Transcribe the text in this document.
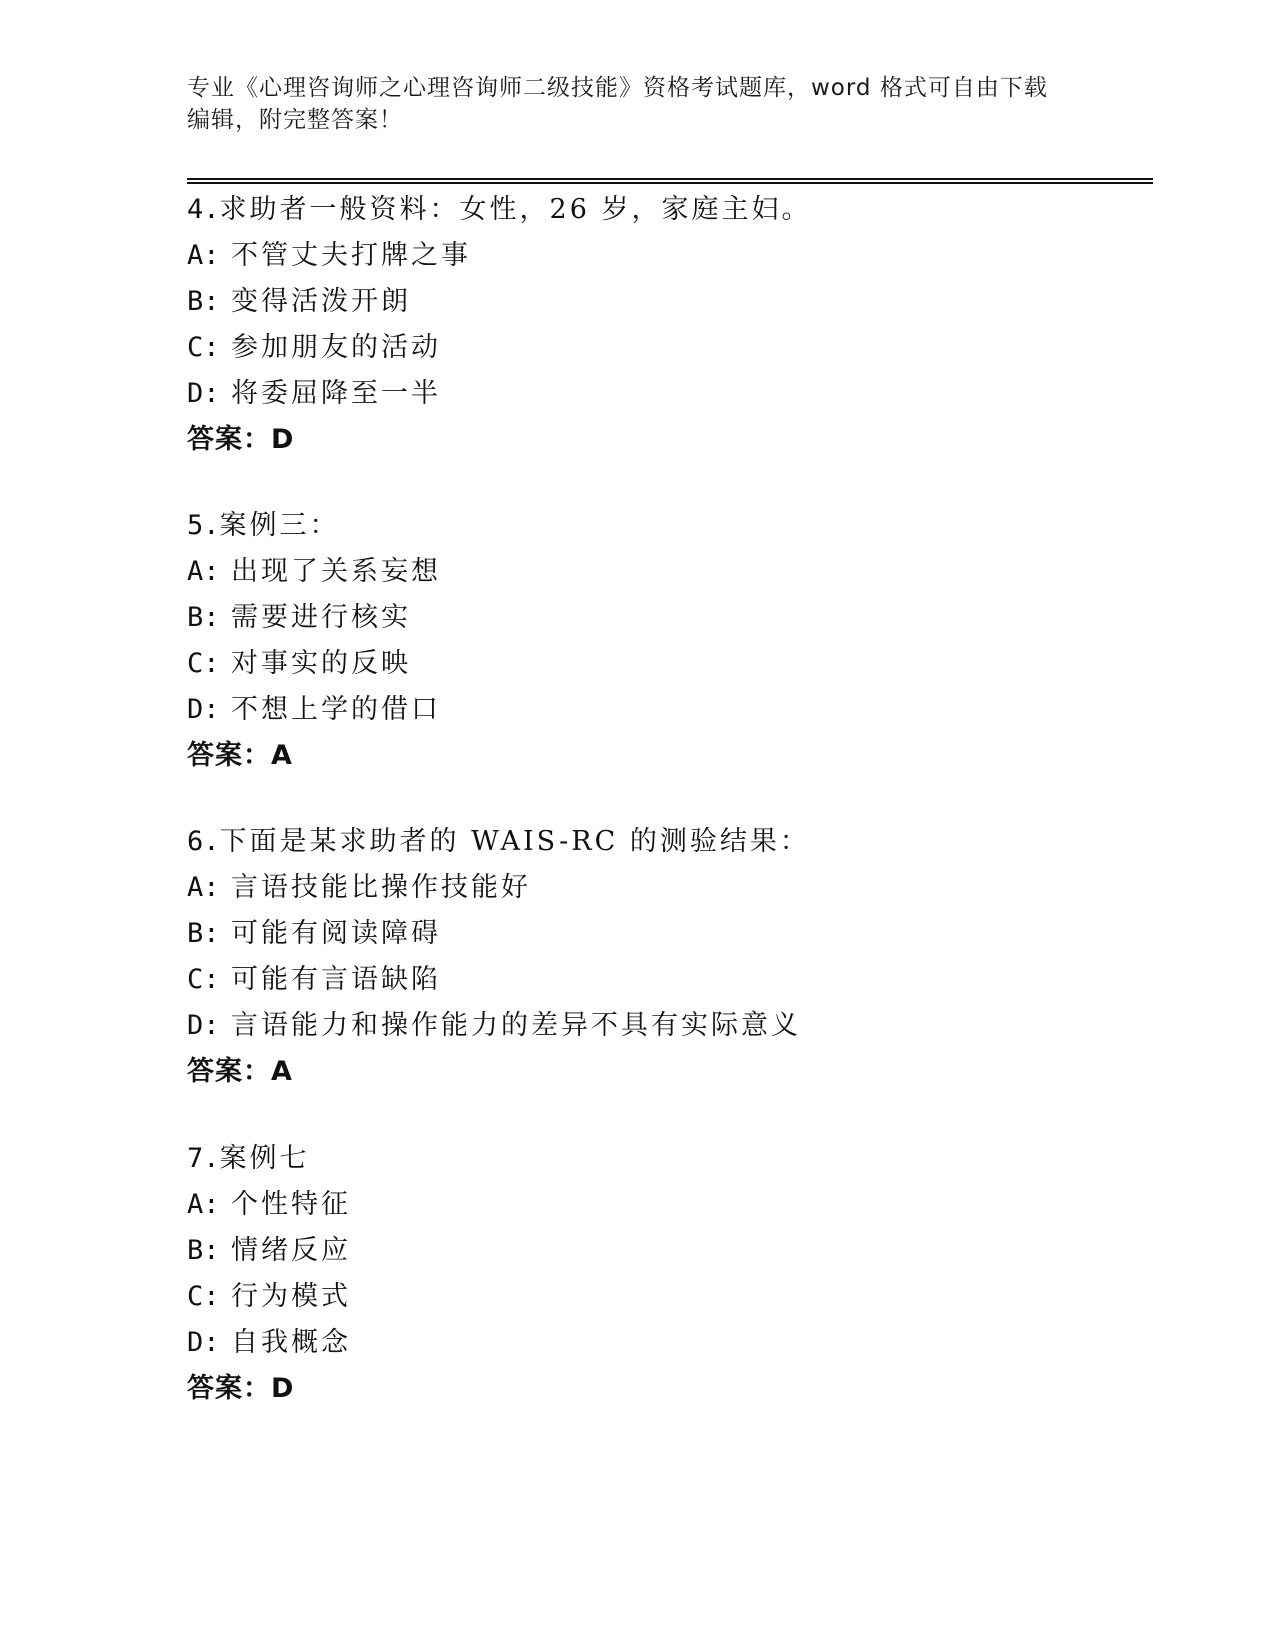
专业《心理咨询师之心理咨询师二级技能》资格考试题库，word 格式可自由下载
编辑，附完整答案！
4.求助者一般资料：女性，26 岁，家庭主妇。
A: 不管丈夫打牌之事
B: 变得活泼开朗
C: 参加朋友的活动
D: 将委屈降至一半
答案：D
5.案例三：
A: 出现了关系妄想
B: 需要进行核实
C: 对事实的反映
D: 不想上学的借口
答案：A
6.下面是某求助者的 WAIS-RC 的测验结果：
A: 言语技能比操作技能好
B: 可能有阅读障碍
C: 可能有言语缺陷
D: 言语能力和操作能力的差异不具有实际意义
答案：A
7.案例七
A: 个性特征
B: 情绪反应
C: 行为模式
D: 自我概念
答案：D
